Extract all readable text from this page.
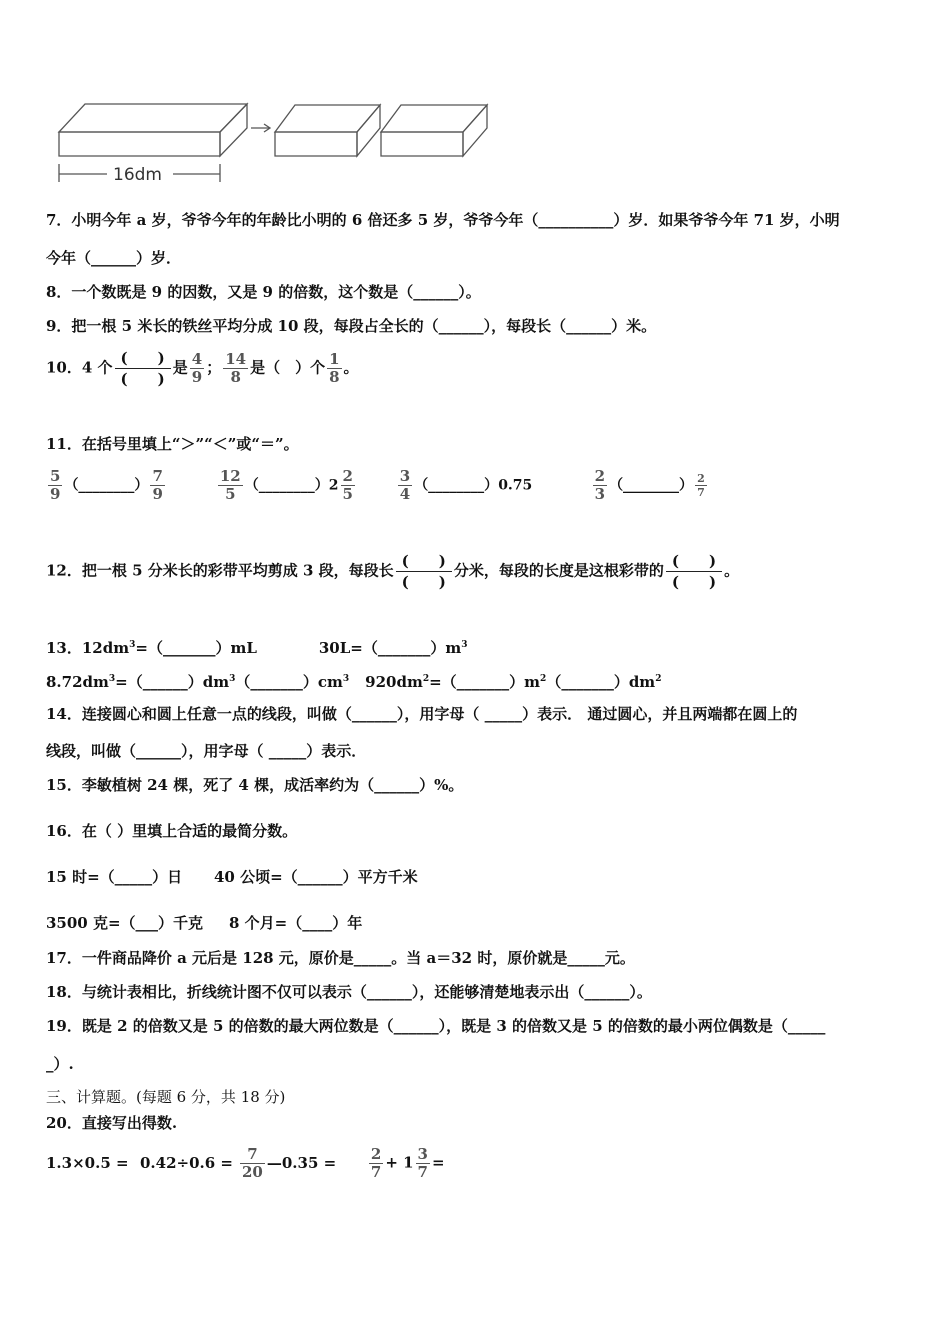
16dm
7．小明今年 a 岁，爷爷今年的年龄比小明的 6 倍还多 5 岁，爷爷今年（__________）岁．如果爷爷今年 71 岁，小明
今年（______）岁．
8．一个数既是 9 的因数，又是 9 的倍数，这个数是（______）。
9．把一根 5 米长的铁丝平均分成 10 段，每段占全长的（______），每段长（______）米。
10．4 个 $\frac{( )}{( )}$ 是 $\frac{4}{9}$ ； $\frac{14}{8}$ 是（　）个 $\frac{1}{8}$ 。
11．在括号里填上“＞”“＜”或“＝”。
$\frac{5}{9}$ （________） $\frac{7}{9}$
	$\frac{12}{5}$ （________）2 $\frac{2}{5}$
	$\frac{3}{4}$ （________）0.75	$\frac{2}{3}$ （________） $\frac{2}{7}$
12．把一根 5 分米长的彩带平均剪成 3 段，每段长 $\frac{( )}{( )}$ 分米，每段的长度是这根彩带的 $\frac{( )}{( )}$ 。
13．$12dm^3=(\_\_\_\_\_\_\_)mL$	$30L=(\_\_\_\_\_\_\_)m^3$
$8.72dm^3=(\_\_\_\_\_\_)dm^3(\_\_\_\_\_\_\_)cm^3$ $920dm^2=(\_\_\_\_\_\_\_)m^2(\_\_\_\_\_\_\_)dm^2$
14．连接圆心和圆上任意一点的线段，叫做（______），用字母（ _____）表示． 通过圆心，并且两端都在圆上的
线段，叫做（______），用字母（ _____）表示．
15．李敏植树 24 棵，死了 4 棵，成活率约为（______）%。
16．在（ ）里填上合适的最简分数。
15 时=（_____）日 40 公顷=（______）平方千米
3500 克=（___）千克 8 个月=（____）年
17．一件商品降价 a 元后是 128 元，原价是_____。当 a＝32 时，原价就是_____元。
18．与统计表相比，折线统计图不仅可以表示（______），还能够清楚地表示出（______）。
19．既是 2 的倍数又是 5 的倍数的最大两位数是（______），既是 3 的倍数又是 5 的倍数的最小两位偶数是（_____
_）.
三、计算题。(每题 6 分，共 18 分)
20．直接写出得数.
$1.3\times 0.5 = 0.42\div 0.6 = \frac{7}{20}$ —0.35 = $\frac{2}{7} + 1 \frac{3}{7}$ =
